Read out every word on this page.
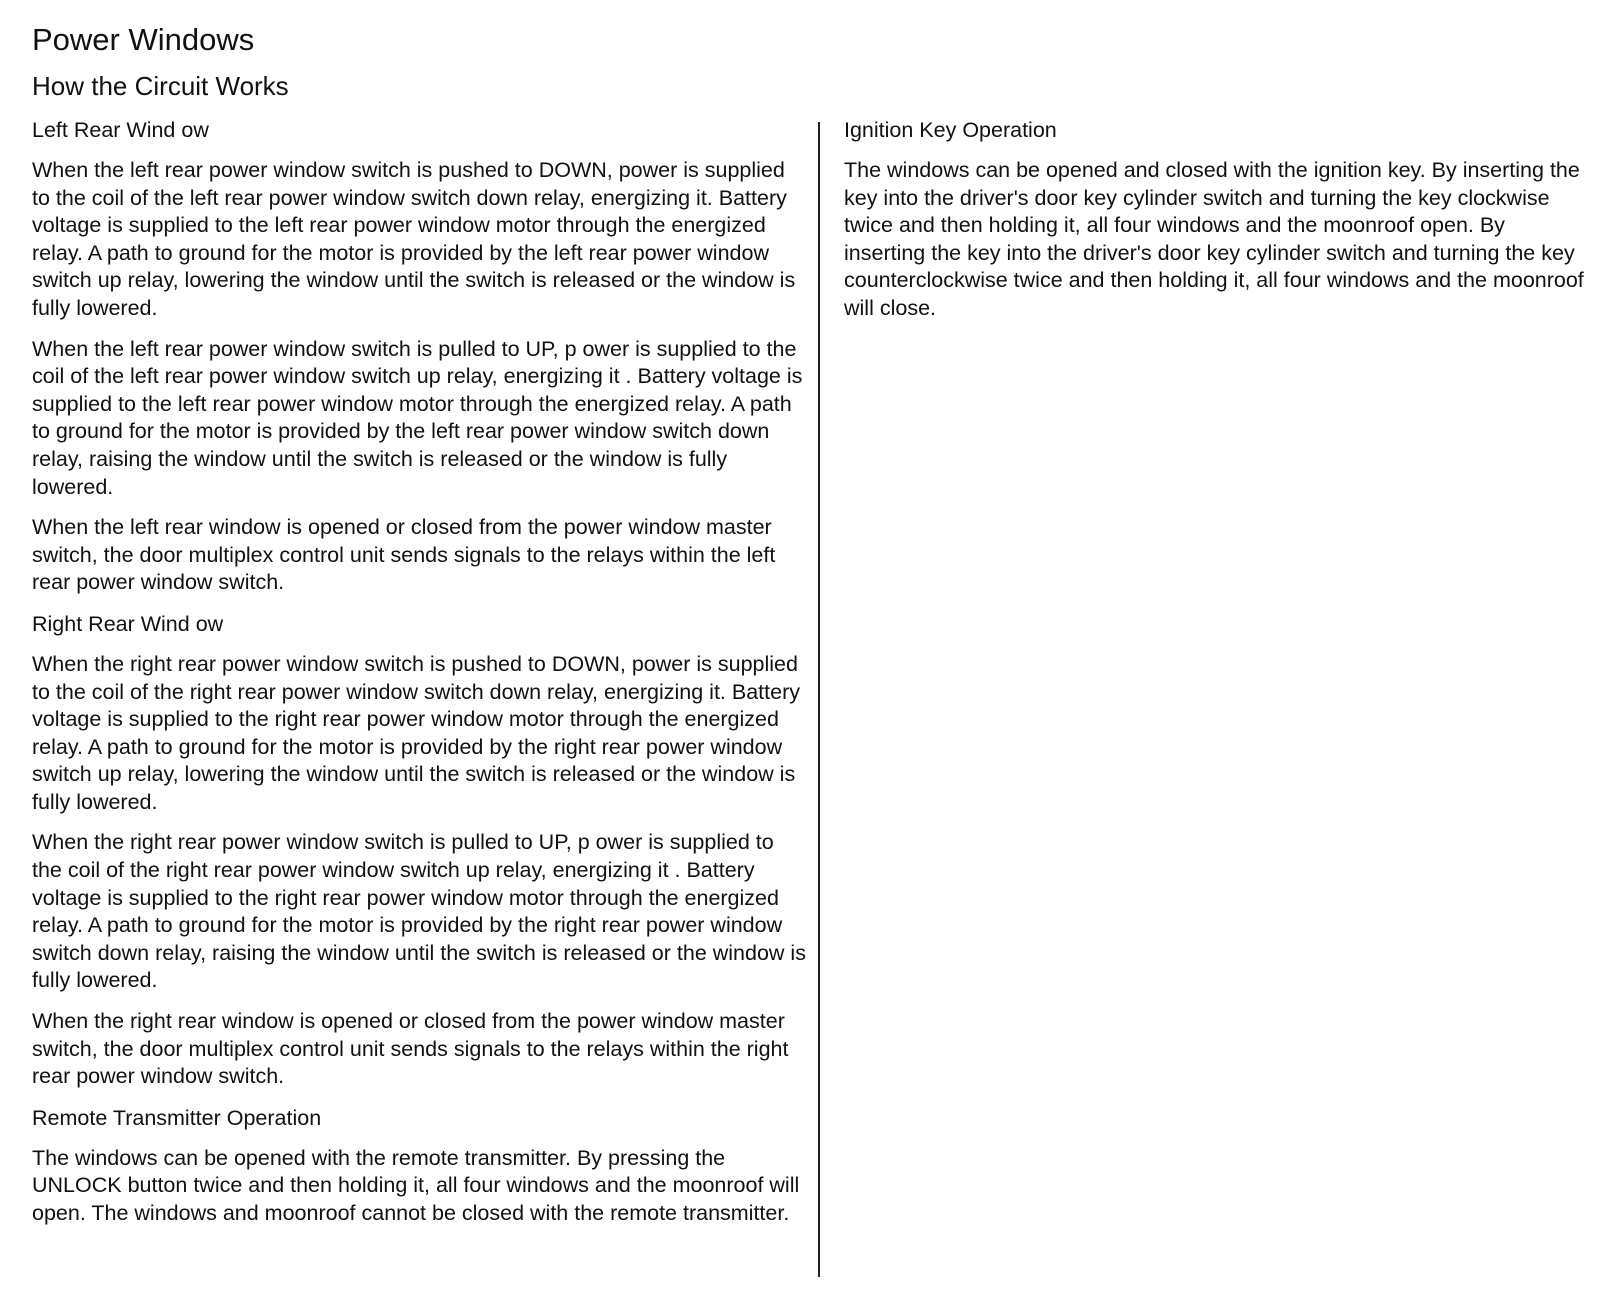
Power Windows
How the Circuit Works
Left Rear Wind ow

When the left rear power window switch is pushed to DOWN, power is supplied to the coil of the left rear power window switch down relay, energizing it. Battery voltage is supplied to the left rear power window motor through the energized relay. A path to ground for the motor is provided by the left rear power window switch up relay, lowering the window until the switch is released or the window is fully lowered.

When the left rear power window switch is pulled to UP, p ower is supplied to the coil of the left rear power window switch up relay, energizing it . Battery voltage is supplied to the left rear power window motor through the energized relay. A path to ground for the motor is provided by the left rear power window switch down relay, raising the window until the switch is released or the window is fully lowered.

When the left rear window is opened or closed from the power window master switch, the door multiplex control unit sends signals to the relays within the left rear power window switch.

Right Rear Wind ow

When the right rear power window switch is pushed to DOWN, power is supplied to the coil of the right rear power window switch down relay, energizing it. Battery voltage is supplied to the right rear power window motor through the energized relay. A path to ground for the motor is provided by the right rear power window switch up relay, lowering the window until the switch is released or the window is fully lowered.

When the right rear power window switch is pulled to UP, p ower is supplied to the coil of the right rear power window switch up relay, energizing it . Battery voltage is supplied to the right rear power window motor through the energized relay. A path to ground for the motor is provided by the right rear power window switch down relay, raising the window until the switch is released or the window is fully lowered.

When the right rear window is opened or closed from the power window master switch, the door multiplex control unit sends signals to the relays within the right rear power window switch.

Remote Transmitter Operation

The windows can be opened with the remote transmitter. By pressing the UNLOCK button twice and then holding it, all four windows and the moonroof will open. The windows and moonroof cannot be closed with the remote transmitter.

Ignition Key Operation

The windows can be opened and closed with the ignition key. By inserting the key into the driver's door key cylinder switch and turning the key clockwise twice and then holding it, all four windows and the moonroof open. By inserting the key into the driver's door key cylinder switch and turning the key counterclockwise twice and then holding it, all four windows and the moonroof will close.
